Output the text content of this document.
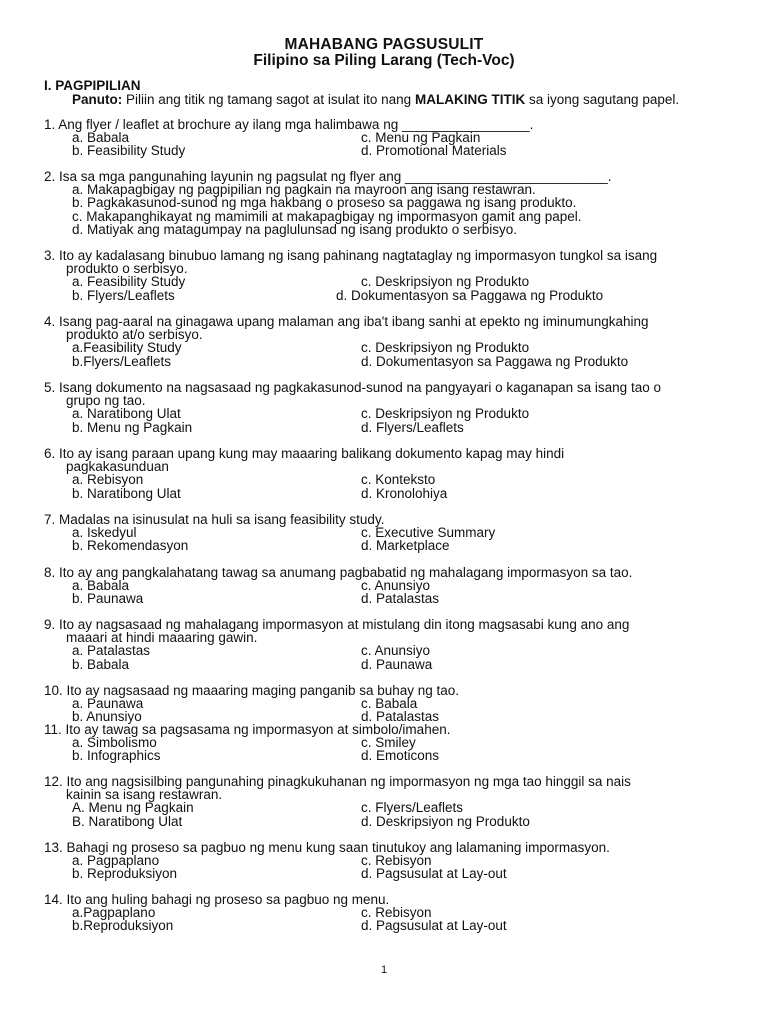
MAHABANG PAGSUSULIT
Filipino sa Piling Larang (Tech-Voc)
I. PAGPIPILIAN
Panuto: Piliin ang titik ng tamang sagot at isulat ito nang MALAKING TITIK sa iyong sagutang papel.
1. Ang flyer / leaflet at brochure ay ilang mga halimbawa ng _________________.
a. Babala	c. Menu ng Pagkain
b. Feasibility Study	d. Promotional Materials
2. Isa sa mga pangunahing layunin ng pagsulat ng flyer ang ___________________________.
a. Makapagbigay ng pagpipilian ng pagkain na mayroon ang isang restawran.
b. Pagkakasunod-sunod ng mga hakbang o proseso sa paggawa ng isang produkto.
c. Makapanghikayat ng mamimili at makapagbigay ng impormasyon gamit ang papel.
d. Matiyak ang matagumpay na paglulunsad ng isang produkto o serbisyo.
3. Ito ay kadalasang binubuo lamang ng isang pahinang nagtataglay ng impormasyon tungkol sa isang
produkto o serbisyo.
a. Feasibility Study	c. Deskripsiyon ng Produkto
b. Flyers/Leaflets	d. Dokumentasyon sa Paggawa ng Produkto
4. Isang pag-aaral na ginagawa upang malaman ang iba't ibang sanhi at epekto ng iminumungkahing
produkto at/o serbisyo.
a.Feasibility Study	c. Deskripsiyon ng Produkto
b.Flyers/Leaflets	d. Dokumentasyon sa Paggawa ng Produkto
5. Isang dokumento na nagsasaad ng pagkakasunod-sunod na pangyayari o kaganapan sa isang tao o
grupo ng tao.
a. Naratibong Ulat	c. Deskripsiyon ng Produkto
b. Menu ng Pagkain	d. Flyers/Leaflets
6. Ito ay isang paraan upang kung may maaaring balikang dokumento kapag may hindi
pagkakasunduan
a. Rebisyon	c. Konteksto
b. Naratibong Ulat	d. Kronolohiya
7. Madalas na isinusulat na huli sa isang feasibility study.
a. Iskedyul	c. Executive Summary
b. Rekomendasyon	d. Marketplace
8. Ito ay ang pangkalahatang tawag sa anumang pagbabatid ng mahalagang impormasyon sa tao.
a. Babala	c. Anunsiyo
b. Paunawa	d. Patalastas
9. Ito ay nagsasaad ng mahalagang impormasyon at mistulang din itong magsasabi kung ano ang
maaari at hindi maaaring gawin.
a. Patalastas	c. Anunsiyo
b. Babala	d. Paunawa
10. Ito ay nagsasaad ng maaaring maging panganib sa buhay ng tao.
a. Paunawa	c. Babala
b. Anunsiyo	d. Patalastas
11. Ito ay tawag sa pagsasama ng impormasyon at simbolo/imahen.
a. Simbolismo	c. Smiley
b. Infographics	d. Emoticons
12. Ito ang nagsisilbing pangunahing pinagkukuhanan ng impormasyon ng mga tao hinggil sa nais
kainin sa isang restawran.
A. Menu ng Pagkain	c. Flyers/Leaflets
B. Naratibong Ulat	d. Deskripsiyon ng Produkto
13. Bahagi ng proseso sa pagbuo ng menu kung saan tinutukoy ang lalamaning impormasyon.
a. Pagpaplano	c. Rebisyon
b. Reproduksiyon	d. Pagsusulat at Lay-out
14. Ito ang huling bahagi ng proseso sa pagbuo ng menu.
a.Pagpaplano	c. Rebisyon
b.Reproduksiyon	d. Pagsusulat at Lay-out
1
